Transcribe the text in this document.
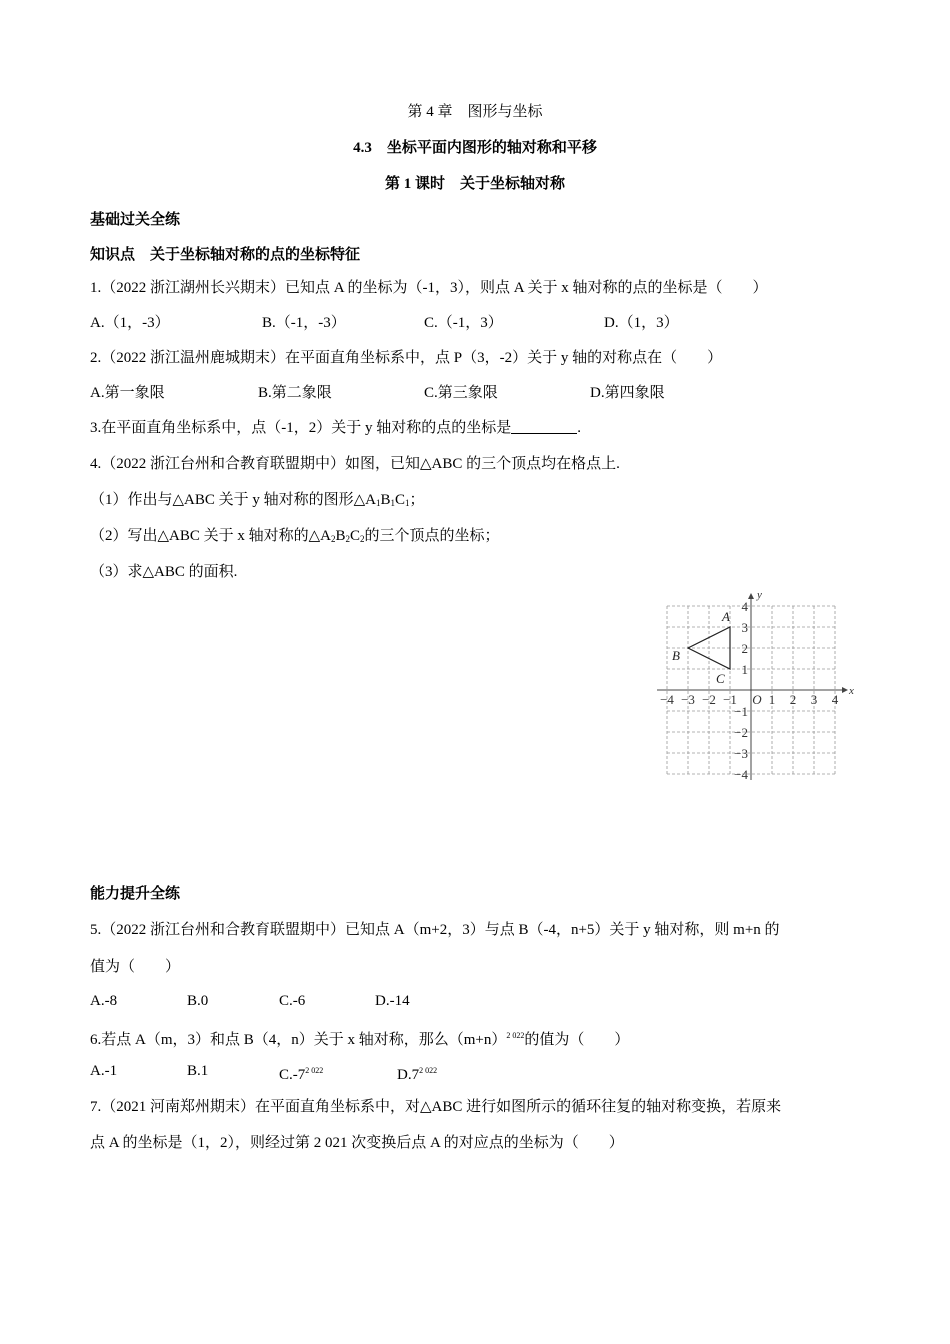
第 4 章　图形与坐标
4.3　坐标平面内图形的轴对称和平移
第 1 课时　关于坐标轴对称
基础过关全练
知识点　关于坐标轴对称的点的坐标特征
1.（2022 浙江湖州长兴期末）已知点 A 的坐标为（-1，3），则点 A 关于 x 轴对称的点的坐标是（　　）
A.（1，-3）	B.（-1，-3）	C.（-1，3）	D.（1，3）
2.（2022 浙江温州鹿城期末）在平面直角坐标系中，点 P（3，-2）关于 y 轴的对称点在（　　）
A.第一象限	B.第二象限	C.第三象限	D.第四象限
3.在平面直角坐标系中，点（-1，2）关于 y 轴对称的点的坐标是	.
4.（2022 浙江台州和合教育联盟期中）如图，已知△ABC 的三个顶点均在格点上.
（1）作出与△ABC 关于 y 轴对称的图形$\triangle A_1B_1C_1$；
（2）写出△ABC 关于 x 轴对称的$\triangle A_2B_2C_2$的三个顶点的坐标；
（3）求△ABC 的面积.
x
y
−4 −3 −2 −1 O 1 2 3 4
4
3
2
1
−1
−2
−3
−4
A
B
C
能力提升全练
5.（2022 浙江台州和合教育联盟期中）已知点 A（m+2，3）与点 B（-4，n+5）关于 y 轴对称，则 m+n 的
值为（　　）
A.-8	B.0	C.-6	D.-14
6.若点 A（m，3）和点 B（4，n）关于 x 轴对称，那么$(m+n)^{2 022}$的值为（　　）
A.-1	B.1	$C.-7^{2 022}$	$D.7^{2 022}$
7.（2021 河南郑州期末）在平面直角坐标系中，对△ABC 进行如图所示的循环往复的轴对称变换，若原来
点 A 的坐标是（1，2），则经过第 2 021 次变换后点 A 的对应点的坐标为（　　）
